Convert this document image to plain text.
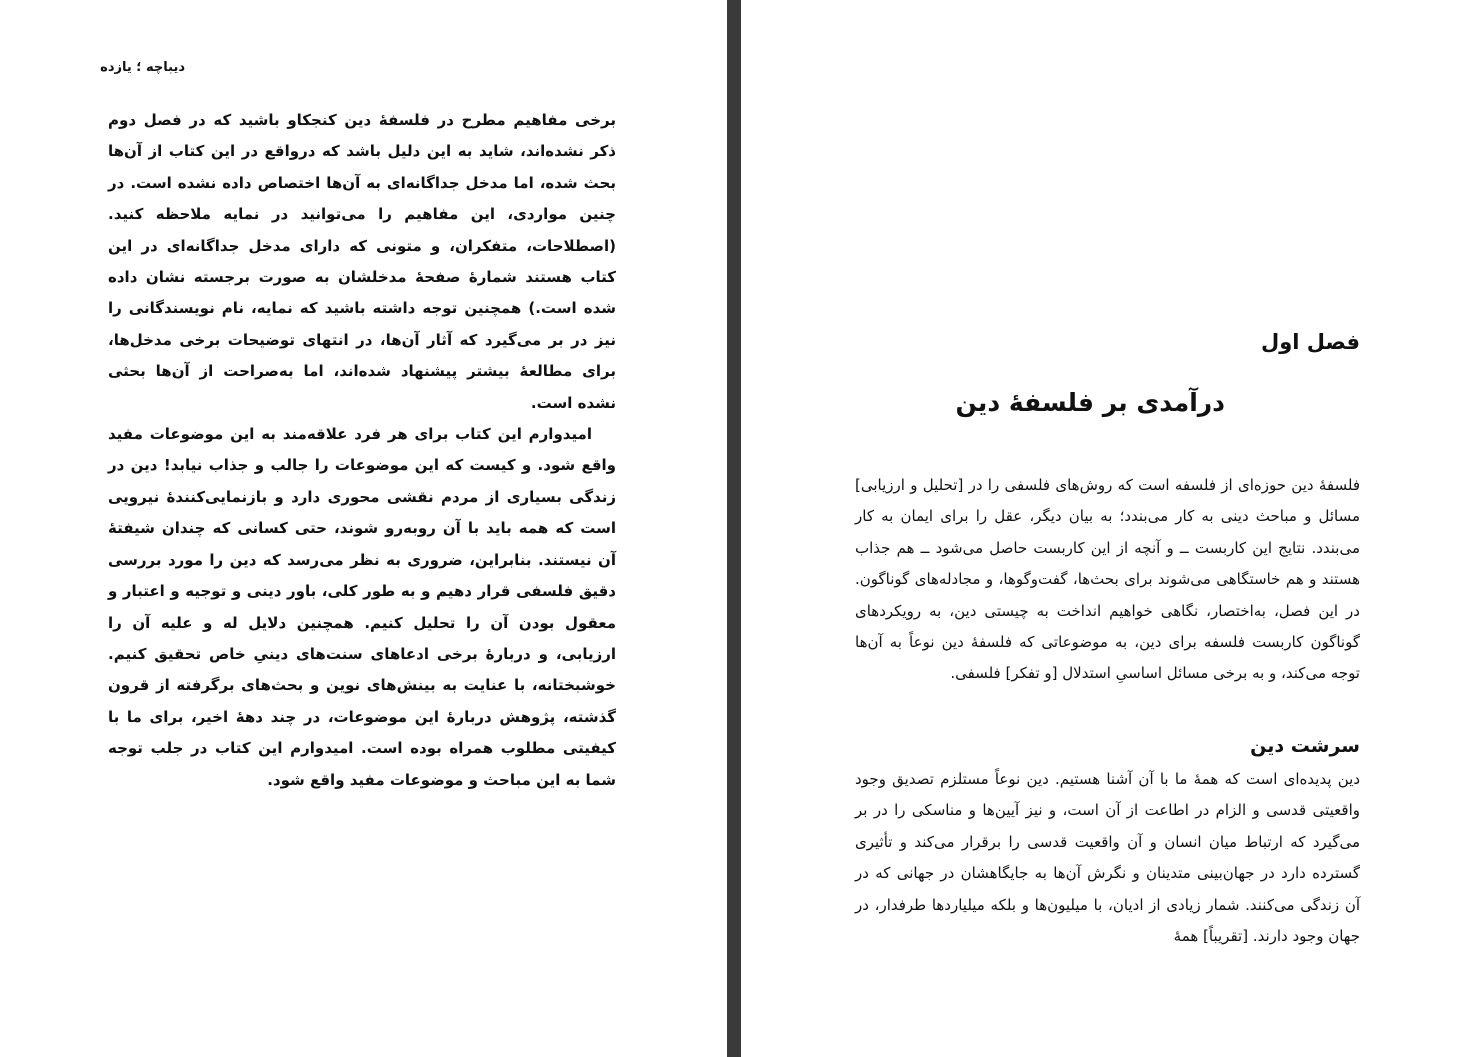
دیباچه ؛ یازده

برخی مفاهیم مطرح در فلسفهٔ دین کنجکاو باشید که در فصل دوم ذکر نشده‌اند، شاید به این دلیل باشد که درواقع در این کتاب از آن‌ها بحث شده، اما مدخل جداگانه‌ای به آن‌ها اختصاص داده نشده است. در چنین مواردی، این مفاهیم را می‌توانید در نمایه ملاحظه کنید. (اصطلاحات، متفکران، و متونی که دارای مدخل جداگانه‌ای در این کتاب هستند شمارهٔ صفحهٔ مدخلشان به صورت برجسته نشان داده شده است.) همچنین توجه داشته باشید که نمایه، نام نویسندگانی را نیز در بر می‌گیرد که آثار آن‌ها، در انتهای توضیحات برخی مدخل‌ها، برای مطالعهٔ بیشتر پیشنهاد شده‌اند، اما به‌صراحت از آن‌ها بحثی نشده است.

امیدوارم این کتاب برای هر فرد علاقه‌مند به این موضوعات مفید واقع شود. و کیست که این موضوعات را جالب و جذاب نیابد! دین در زندگی بسیاری از مردم نقشی محوری دارد و بازنمایی‌کنندهٔ نیرویی است که همه باید با آن روبه‌رو شوند، حتی کسانی که چندان شیفتهٔ آن نیستند. بنابراین، ضروری به نظر می‌رسد که دین را مورد بررسی دقیق فلسفی قرار دهیم و به طور کلی، باور دینی و توجیه و اعتبار و معقول بودن آن را تحلیل کنیم. همچنین دلایل له و علیه آن را ارزیابی، و دربارهٔ برخی ادعاهای سنت‌های دینیِ خاص تحقیق کنیم. خوشبختانه، با عنایت به بینش‌های نوین و بحث‌های برگرفته از قرون گذشته، پژوهش دربارهٔ این موضوعات، در چند دههٔ اخیر، برای ما با کیفیتی مطلوب همراه بوده است. امیدوارم این کتاب در جلب توجه شما به این مباحث و موضوعات مفید واقع شود.

فصل اول
درآمدی بر فلسفهٔ دین

فلسفهٔ دین حوزه‌ای از فلسفه است که روش‌های فلسفی را در [تحلیل و ارزیابی] مسائل و مباحث دینی به کار می‌بندد؛ به بیان دیگر، عقل را برای ایمان به کار می‌بندد. نتایج این کاربست ــ و آنچه از این کاربست حاصل می‌شود ــ هم جذاب هستند و هم خاستگاهی می‌شوند برای بحث‌ها، گفت‌وگوها، و مجادله‌های گوناگون. در این فصل، به‌اختصار، نگاهی خواهیم انداخت به چیستی دین، به رویکردهای گوناگون کاربست فلسفه برای دین، به موضوعاتی که فلسفهٔ دین نوعاً به آن‌ها توجه می‌کند، و به برخی مسائل اساسیِ استدلال [و تفکر] فلسفی.

سرشت دین

دین پدیده‌ای است که همهٔ ما با آن آشنا هستیم. دین نوعاً مستلزم تصدیق وجود واقعیتی قدسی و الزام در اطاعت از آن است، و نیز آیین‌ها و مناسکی را در بر می‌گیرد که ارتباط میان انسان و آن واقعیت قدسی را برقرار می‌کند و تأثیری گسترده دارد در جهان‌بینی متدینان و نگرش آن‌ها به جایگاهشان در جهانی که در آن زندگی می‌کنند. شمار زیادی از ادیان، با میلیون‌ها و بلکه میلیاردها طرفدار، در جهان وجود دارند. [تقریباً] همهٔ
